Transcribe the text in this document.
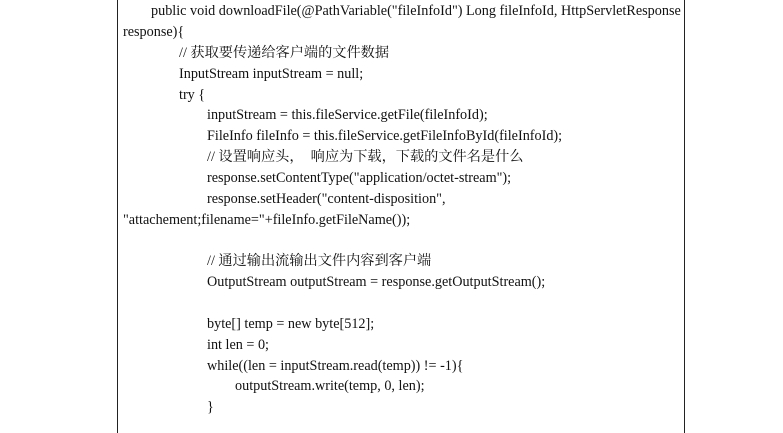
public void downloadFile(@PathVariable("fileInfoId") Long fileInfoId, HttpServletResponse
response){
// 获取要传递给客户端的文件数据
InputStream inputStream = null;
try {
inputStream = this.fileService.getFile(fileInfoId);
FileInfo fileInfo = this.fileService.getFileInfoById(fileInfoId);
// 设置响应头，  响应为下载，下载的文件名是什么
response.setContentType("application/octet-stream");
response.setHeader("content-disposition",
"attachement;filename="+fileInfo.getFileName());
// 通过输出流输出文件内容到客户端
OutputStream outputStream = response.getOutputStream();
byte[] temp = new byte[512];
int len = 0;
while((len = inputStream.read(temp)) != -1){
outputStream.write(temp, 0, len);
}
